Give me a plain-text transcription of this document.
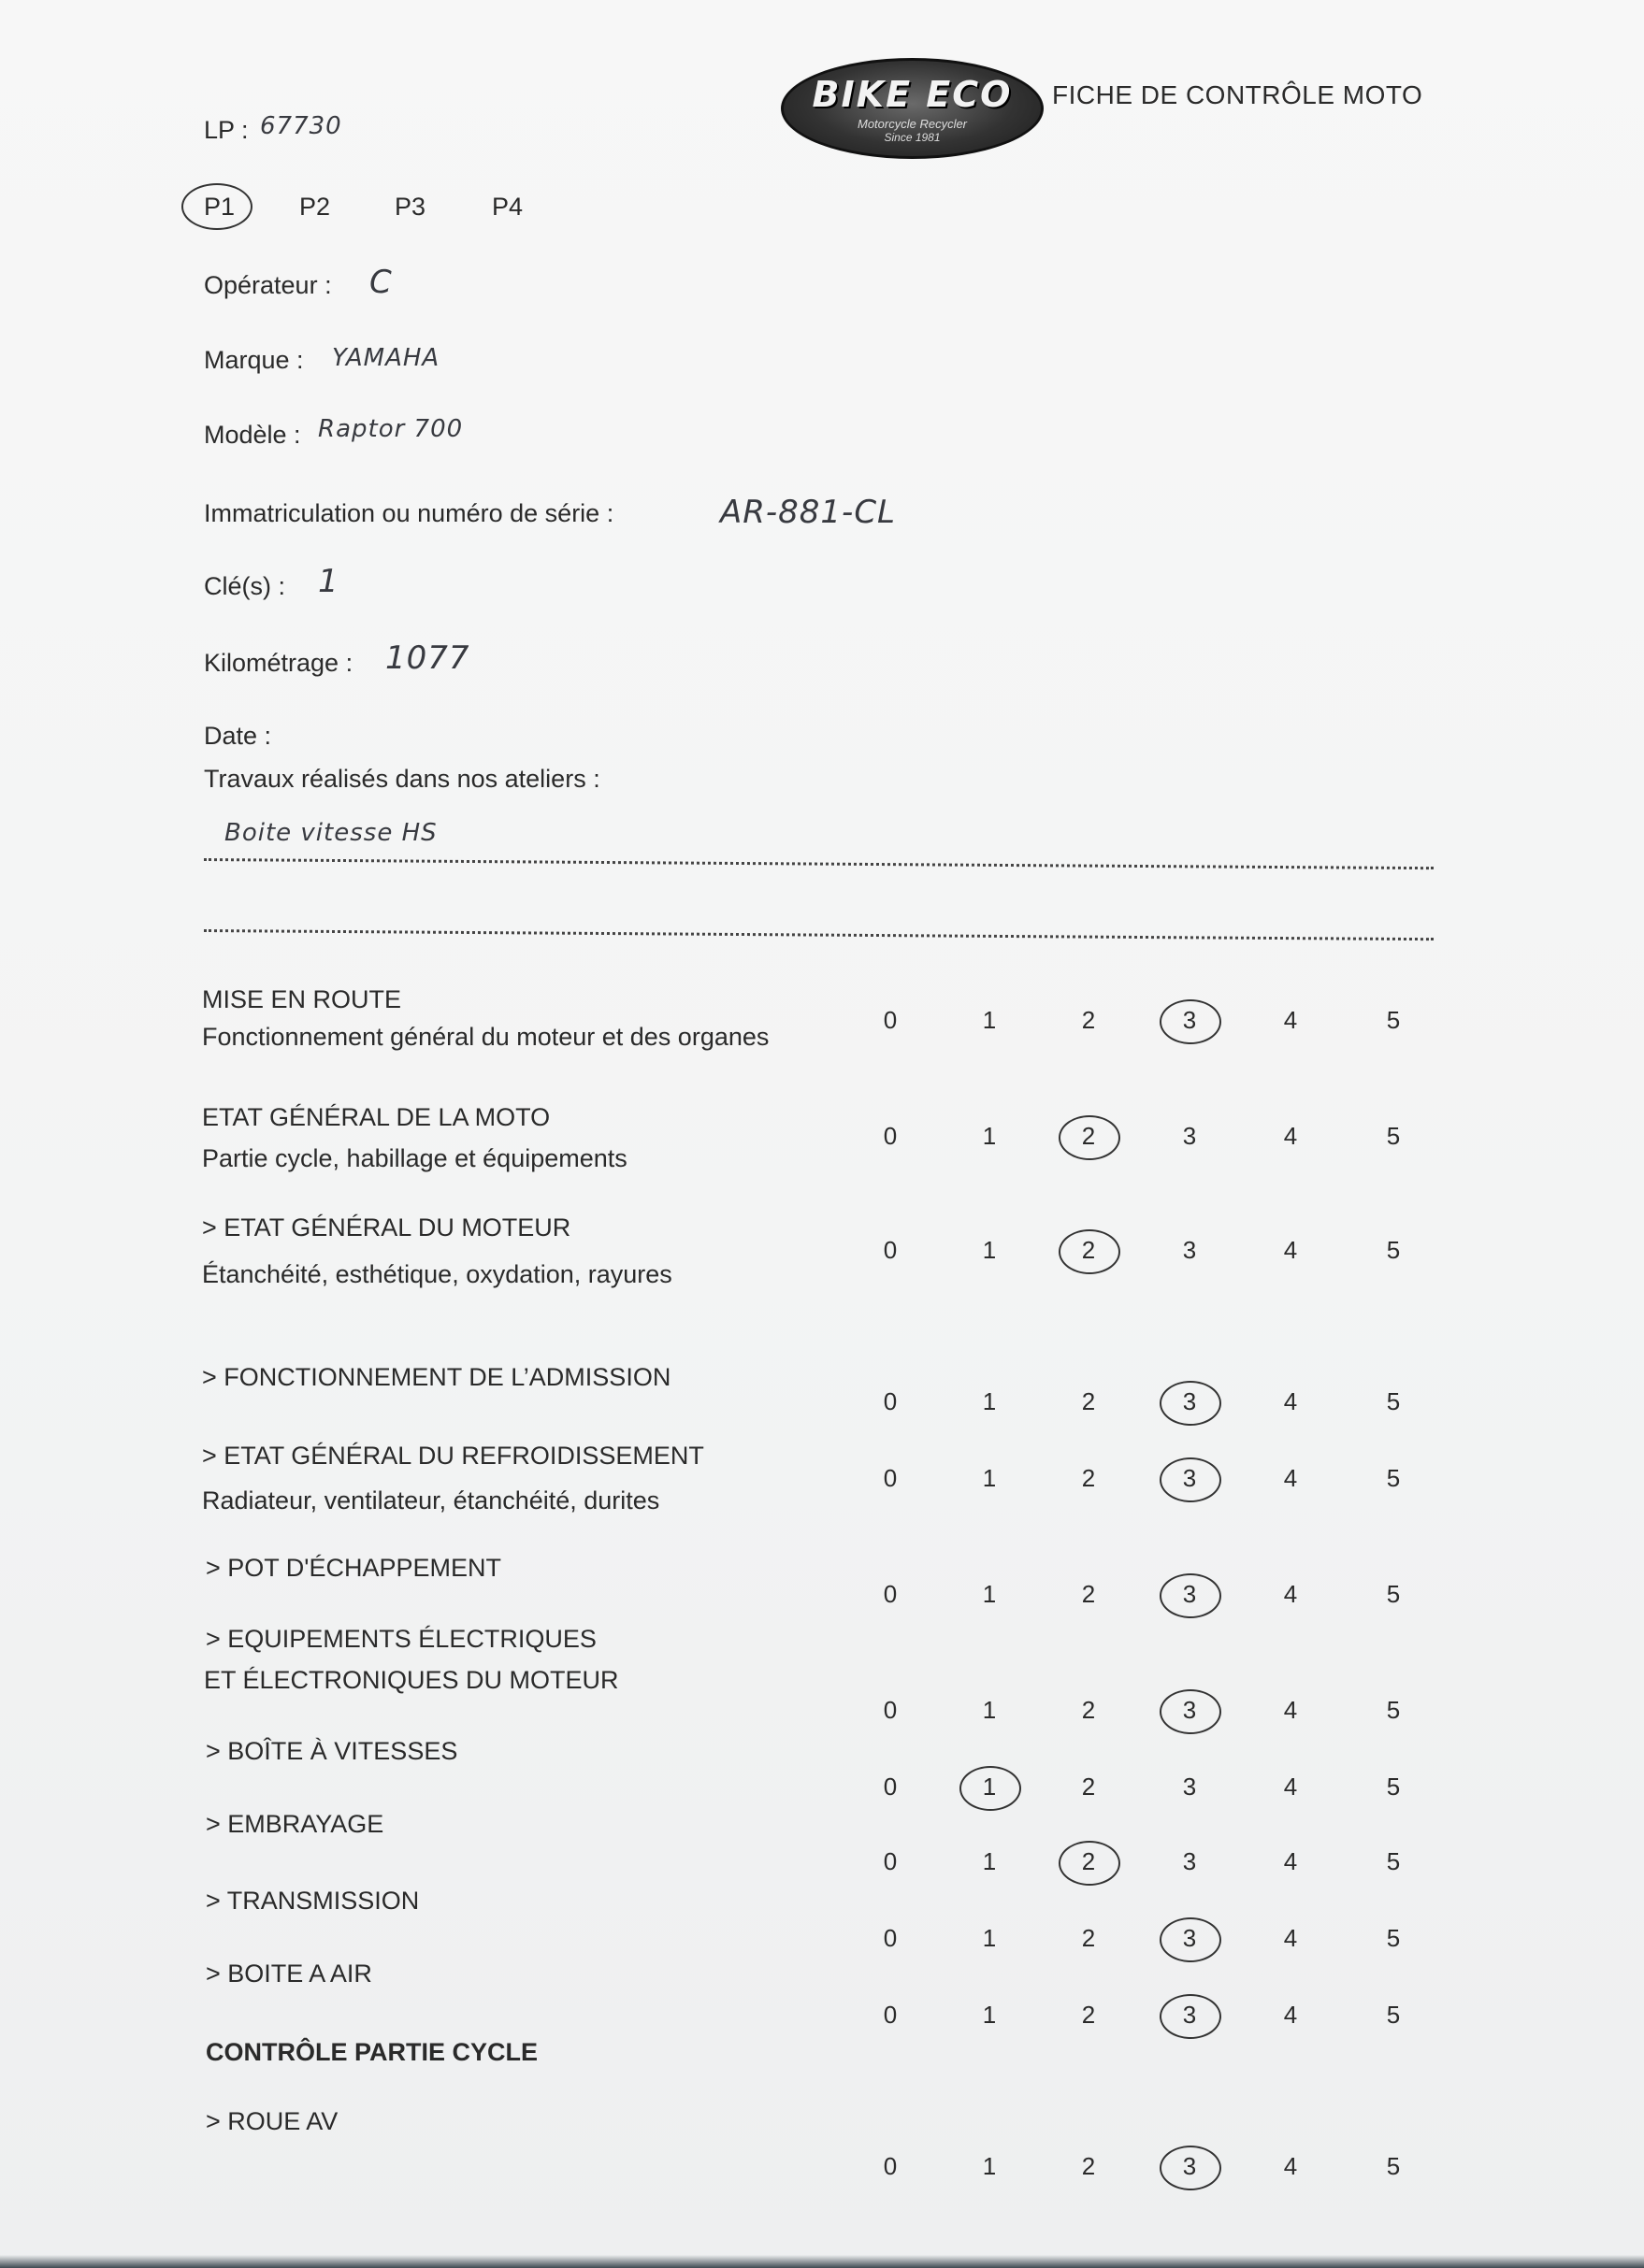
LP : 67730
BIKE ECO
Motorcycle Recycler
Since 1981
FICHE DE CONTRÔLE MOTO
P1	P2	P3	P4
Opérateur : C
Marque : YAMAHA
Modèle : Raptor 700
Immatriculation ou numéro de série :	AR-881-CL
Clé(s) : 1
Kilométrage : 1077
Date :
Travaux réalisés dans nos ateliers :
Boite vitesse HS
MISE EN ROUTE
Fonctionnement général du moteur et des organes
0	1	2	3	4	5
ETAT GÉNÉRAL DE LA MOTO
Partie cycle, habillage et équipements
0	1	2	3	4	5
> ETAT GÉNÉRAL DU MOTEUR
Étanchéité, esthétique, oxydation, rayures
0	1	2	3	4	5
> FONCTIONNEMENT DE L’ADMISSION
0	1	2	3	4	5
> ETAT GÉNÉRAL DU REFROIDISSEMENT
Radiateur, ventilateur, étanchéité, durites
0	1	2	3	4	5
> POT D'ÉCHAPPEMENT
0	1	2	3	4	5
> EQUIPEMENTS ÉLECTRIQUES
ET ÉLECTRONIQUES DU MOTEUR
0	1	2	3	4	5
> BOÎTE À VITESSES
0	1	2	3	4	5
> EMBRAYAGE
0	1	2	3	4	5
> TRANSMISSION
0	1	2	3	4	5
> BOITE A AIR
0	1	2	3	4	5
CONTRÔLE PARTIE CYCLE
> ROUE AV
0	1	2	3	4	5
